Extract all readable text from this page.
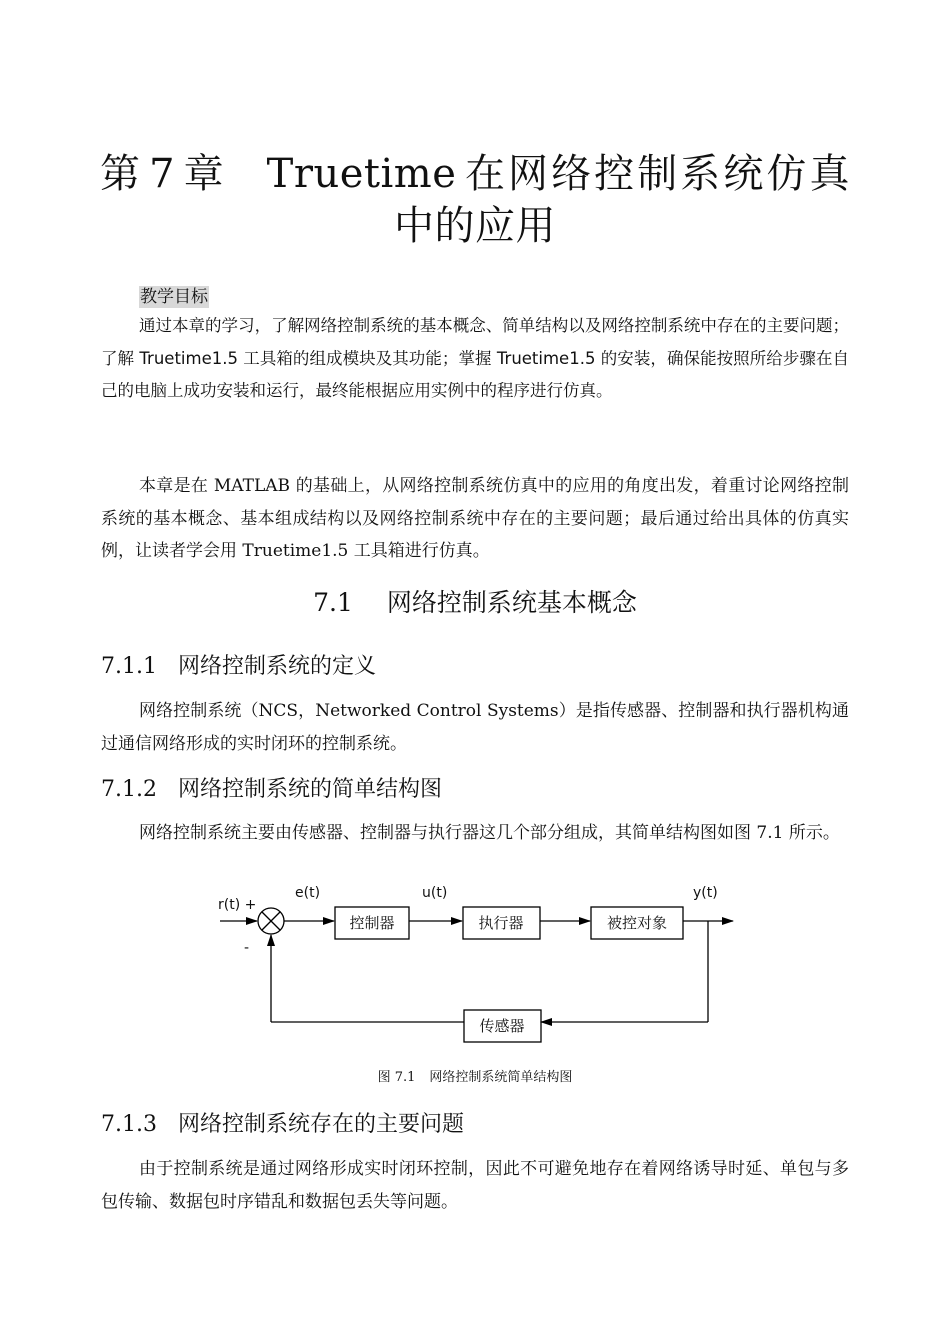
第 7 章 Truetime 在网络控制系统仿真中的应用
教学目标

通过本章的学习，了解网络控制系统的基本概念、简单结构以及网络控制系统中存在的主要问题；了解 Truetime1.5 工具箱的组成模块及其功能；掌握 Truetime1.5 的安装，确保能按照所给步骤在自己的电脑上成功安装和运行，最终能根据应用实例中的程序进行仿真。

本章是在 MATLAB 的基础上，从网络控制系统仿真中的应用的角度出发，着重讨论网络控制系统的基本概念、基本组成结构以及网络控制系统中存在的主要问题；最后通过给出具体的仿真实例，让读者学会用 Truetime1.5 工具箱进行仿真。

7.1 网络控制系统基本概念
7.1.1 网络控制系统的定义

网络控制系统（NCS，Networked Control Systems）是指传感器、控制器和执行器机构通过通信网络形成的实时闭环的控制系统。

7.1.2 网络控制系统的简单结构图

网络控制系统主要由传感器、控制器与执行器这几个部分组成，其简单结构图如图 7.1 所示。

r(t) +
-
e(t)	u(t)	y(t)
控制器	执行器	被控对象
传感器
图 7.1 网络控制系统简单结构图
7.1.3 网络控制系统存在的主要问题

由于控制系统是通过网络形成实时闭环控制，因此不可避免地存在着网络诱导时延、单包与多包传输、数据包时序错乱和数据包丢失等问题。
